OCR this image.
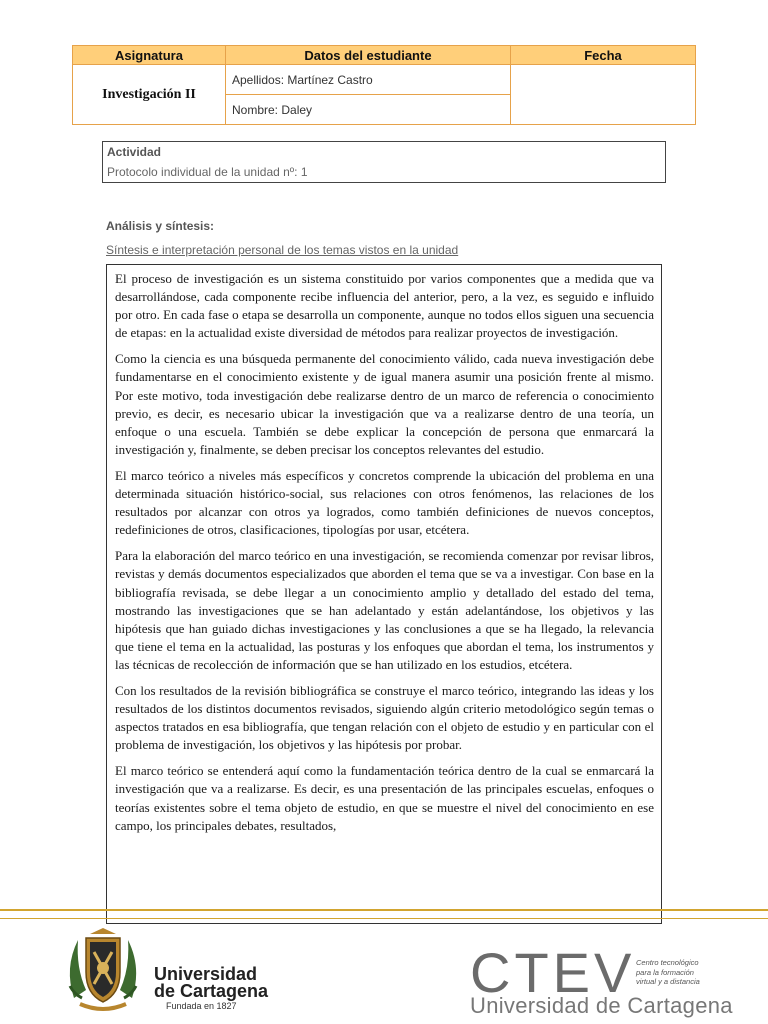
Asignatura	Datos del estudiante	Fecha
Investigación II	Apellidos: Martínez Castro	
	Nombre: Daley	
Actividad
Protocolo individual de la unidad nº: 1
Análisis y síntesis:
Síntesis e interpretación personal de los temas vistos en la unidad

El proceso de investigación es un sistema constituido por varios componentes que a medida que va desarrollándose, cada componente recibe influencia del anterior, pero, a la vez, es seguido e influido por otro. En cada fase o etapa se desarrolla un componente, aunque no todos ellos siguen una secuencia de etapas: en la actualidad existe diversidad de métodos para realizar proyectos de investigación.

Como la ciencia es una búsqueda permanente del conocimiento válido, cada nueva investigación debe fundamentarse en el conocimiento existente y de igual manera asumir una posición frente al mismo. Por este motivo, toda investigación debe realizarse dentro de un marco de referencia o conocimiento previo, es decir, es necesario ubicar la investigación que va a realizarse dentro de una teoría, un enfoque o una escuela. También se debe explicar la concepción de persona que enmarcará la investigación y, finalmente, se deben precisar los conceptos relevantes del estudio.

El marco teórico a niveles más específicos y concretos comprende la ubicación del problema en una determinada situación histórico-social, sus relaciones con otros fenómenos, las relaciones de los resultados por alcanzar con otros ya logrados, como también definiciones de nuevos conceptos, redefiniciones de otros, clasificaciones, tipologías por usar, etcétera.

Para la elaboración del marco teórico en una investigación, se recomienda comenzar por revisar libros, revistas y demás documentos especializados que aborden el tema que se va a investigar. Con base en la bibliografía revisada, se debe llegar a un conocimiento amplio y detallado del estado del tema, mostrando las investigaciones que se han adelantado y están adelantándose, los objetivos y las hipótesis que han guiado dichas investigaciones y las conclusiones a que se ha llegado, la relevancia que tiene el tema en la actualidad, las posturas y los enfoques que abordan el tema, los instrumentos y las técnicas de recolección de información que se han utilizado en los estudios, etcétera.

Con los resultados de la revisión bibliográfica se construye el marco teórico, integrando las ideas y los resultados de los distintos documentos revisados, siguiendo algún criterio metodológico según temas o aspectos tratados en esa bibliografía, que tengan relación con el objeto de estudio y en particular con el problema de investigación, los objetivos y las hipótesis por probar.

El marco teórico se entenderá aquí como la fundamentación teórica dentro de la cual se enmarcará la investigación que va a realizarse. Es decir, es una presentación de las principales escuelas, enfoques o teorías existentes sobre el tema objeto de estudio, en que se muestre el nivel del conocimiento en ese campo, los principales debates, resultados,

Universidad
de Cartagena
Fundada en 1827
CTEV Centro tecnológico
para la formación
virtual y a distancia
Universidad de Cartagena
